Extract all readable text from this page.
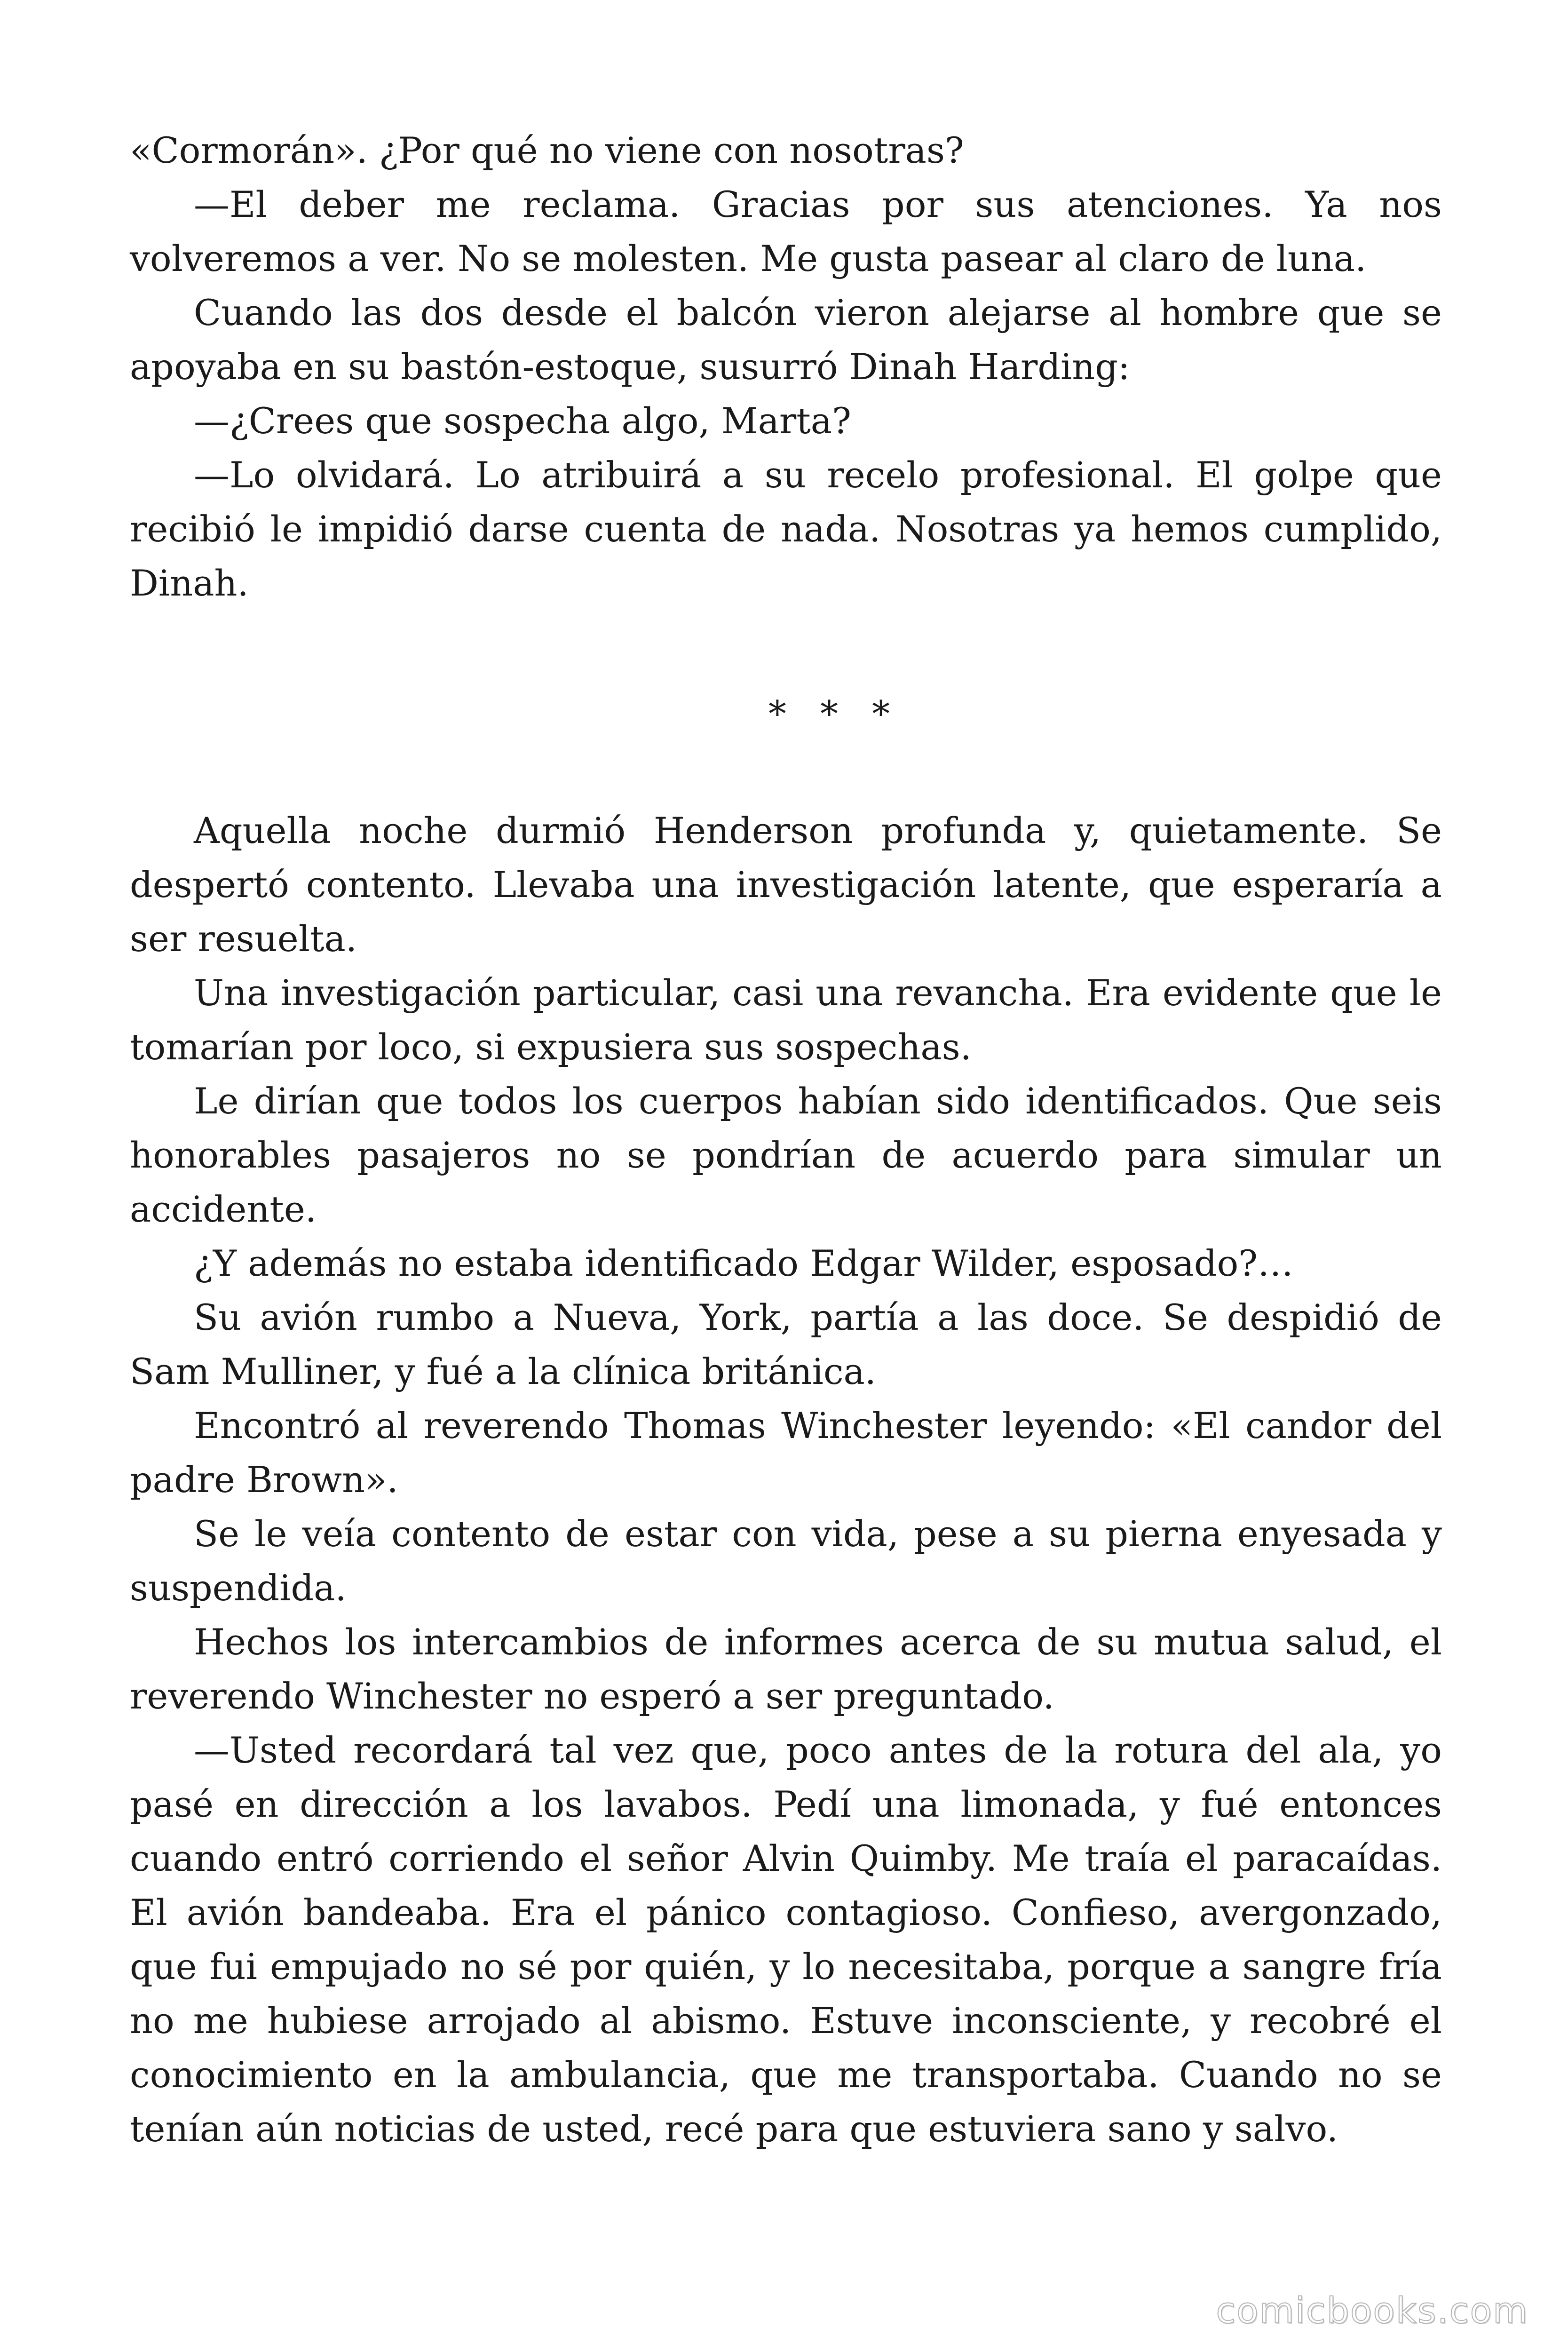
«Cormorán». ¿Por qué no viene con nosotras?

—El deber me reclama. Gracias por sus atenciones. Ya nos volveremos a ver. No se molesten. Me gusta pasear al claro de luna.

Cuando las dos desde el balcón vieron alejarse al hombre que se apoyaba en su bastón-estoque, susurró Dinah Harding:

—¿Crees que sospecha algo, Marta?

—Lo olvidará. Lo atribuirá a su recelo profesional. El golpe que recibió le impidió darse cuenta de nada. Nosotras ya hemos cumplido, Dinah.

* * *

Aquella noche durmió Henderson profunda y, quietamente. Se despertó contento. Llevaba una investigación latente, que esperaría a ser resuelta.

Una investigación particular, casi una revancha. Era evidente que le tomarían por loco, si expusiera sus sospechas.

Le dirían que todos los cuerpos habían sido identificados. Que seis honorables pasajeros no se pondrían de acuerdo para simular un accidente.

¿Y además no estaba identificado Edgar Wilder, esposado?…

Su avión rumbo a Nueva, York, partía a las doce. Se despidió de Sam Mulliner, y fué a la clínica británica.

Encontró al reverendo Thomas Winchester leyendo: «El candor del padre Brown».

Se le veía contento de estar con vida, pese a su pierna enyesada y suspendida.

Hechos los intercambios de informes acerca de su mutua salud, el reverendo Winchester no esperó a ser preguntado.

—Usted recordará tal vez que, poco antes de la rotura del ala, yo pasé en dirección a los lavabos. Pedí una limonada, y fué entonces cuando entró corriendo el señor Alvin Quimby. Me traía el paracaídas. El avión bandeaba. Era el pánico contagioso. Confieso, avergonzado, que fui empujado no sé por quién, y lo necesitaba, porque a sangre fría no me hubiese arrojado al abismo. Estuve inconsciente, y recobré el conocimiento en la ambulancia, que me transportaba. Cuando no se tenían aún noticias de usted, recé para que estuviera sano y salvo.

comicbooks.com
